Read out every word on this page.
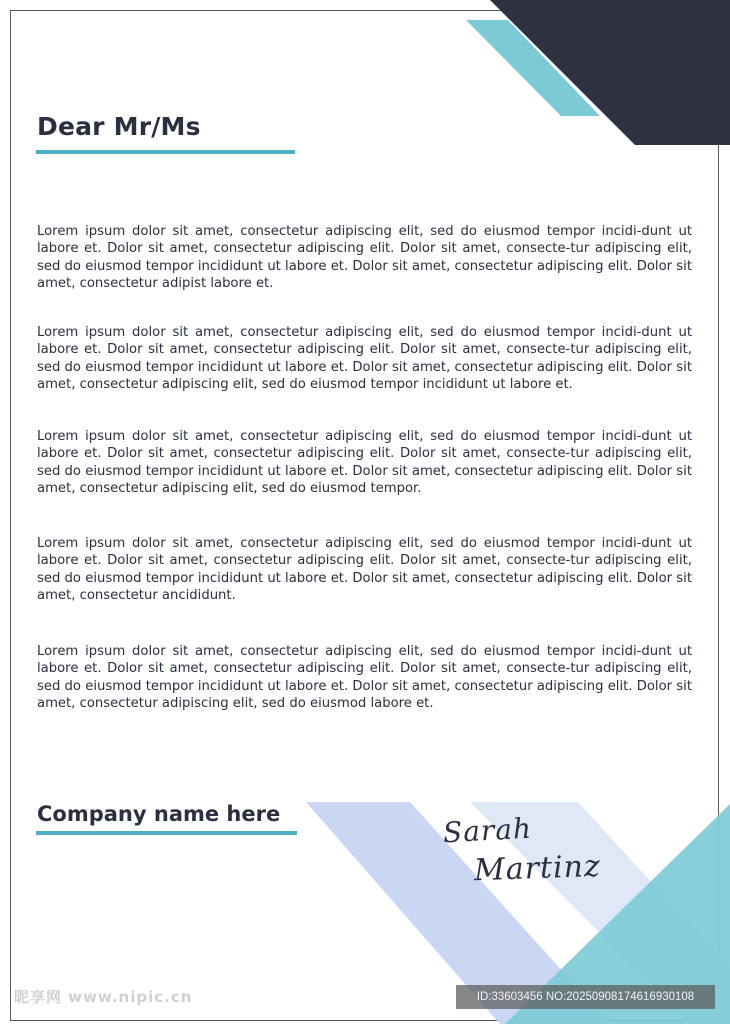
Dear Mr/Ms

Lorem ipsum dolor sit amet, consectetur adipiscing elit, sed do eiusmod tempor incidi-dunt ut labore et. Dolor sit amet, consectetur adipiscing elit. Dolor sit amet, consecte-tur adipiscing elit, sed do eiusmod tempor incididunt ut labore et. Dolor sit amet, consectetur adipiscing elit. Dolor sit amet, consectetur adipist labore et.

Lorem ipsum dolor sit amet, consectetur adipiscing elit, sed do eiusmod tempor incidi-dunt ut labore et. Dolor sit amet, consectetur adipiscing elit. Dolor sit amet, consecte-tur adipiscing elit, sed do eiusmod tempor incididunt ut labore et. Dolor sit amet, consectetur adipiscing elit. Dolor sit amet, consectetur adipiscing elit, sed do eiusmod tempor incididunt ut labore et.

Lorem ipsum dolor sit amet, consectetur adipiscing elit, sed do eiusmod tempor incidi-dunt ut labore et. Dolor sit amet, consectetur adipiscing elit. Dolor sit amet, consecte-tur adipiscing elit, sed do eiusmod tempor incididunt ut labore et. Dolor sit amet, consectetur adipiscing elit. Dolor sit amet, consectetur adipiscing elit, sed do eiusmod tempor.

Lorem ipsum dolor sit amet, consectetur adipiscing elit, sed do eiusmod tempor incidi-dunt ut labore et. Dolor sit amet, consectetur adipiscing elit. Dolor sit amet, consecte-tur adipiscing elit, sed do eiusmod tempor incididunt ut labore et. Dolor sit amet, consectetur adipiscing elit. Dolor sit amet, consectetur ancididunt.

Lorem ipsum dolor sit amet, consectetur adipiscing elit, sed do eiusmod tempor incidi-dunt ut labore et. Dolor sit amet, consectetur adipiscing elit. Dolor sit amet, consecte-tur adipiscing elit, sed do eiusmod tempor incididunt ut labore et. Dolor sit amet, consectetur adipiscing elit. Dolor sit amet, consectetur adipiscing elit, sed do eiusmod labore et.

Company name here	Sarah
Martinz
昵享网 www.nipic.cn	ID:33603456 NO:20250908174616930108
